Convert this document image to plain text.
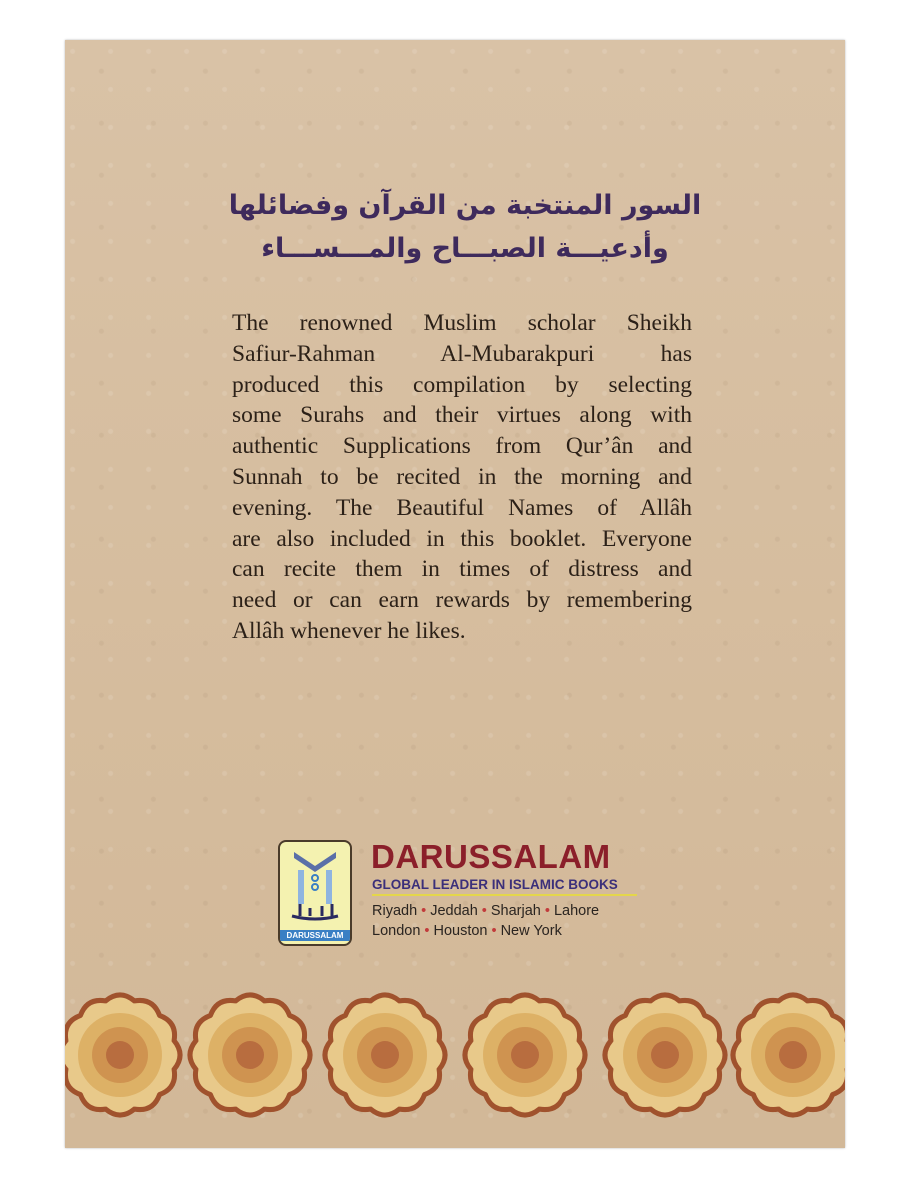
السور المنتخبة من القرآن وفضائلها
وأدعيـــة الصبـــاح والمـــســـاء
The renowned Muslim scholar Sheikh
Safiur-Rahman Al-Mubarakpuri has
produced this compilation by selecting
some Surahs and their virtues along with
authentic Supplications from Qur’ân and
Sunnah to be recited in the morning and
evening. The Beautiful Names of Allâh
are also included in this booklet. Everyone
can recite them in times of distress and
need or can earn rewards by remembering
Allâh whenever he likes.
DARUSSALAM
DARUSSALAM
GLOBAL LEADER IN ISLAMIC BOOKS
Riyadh • Jeddah • Sharjah • Lahore
London • Houston • New York
